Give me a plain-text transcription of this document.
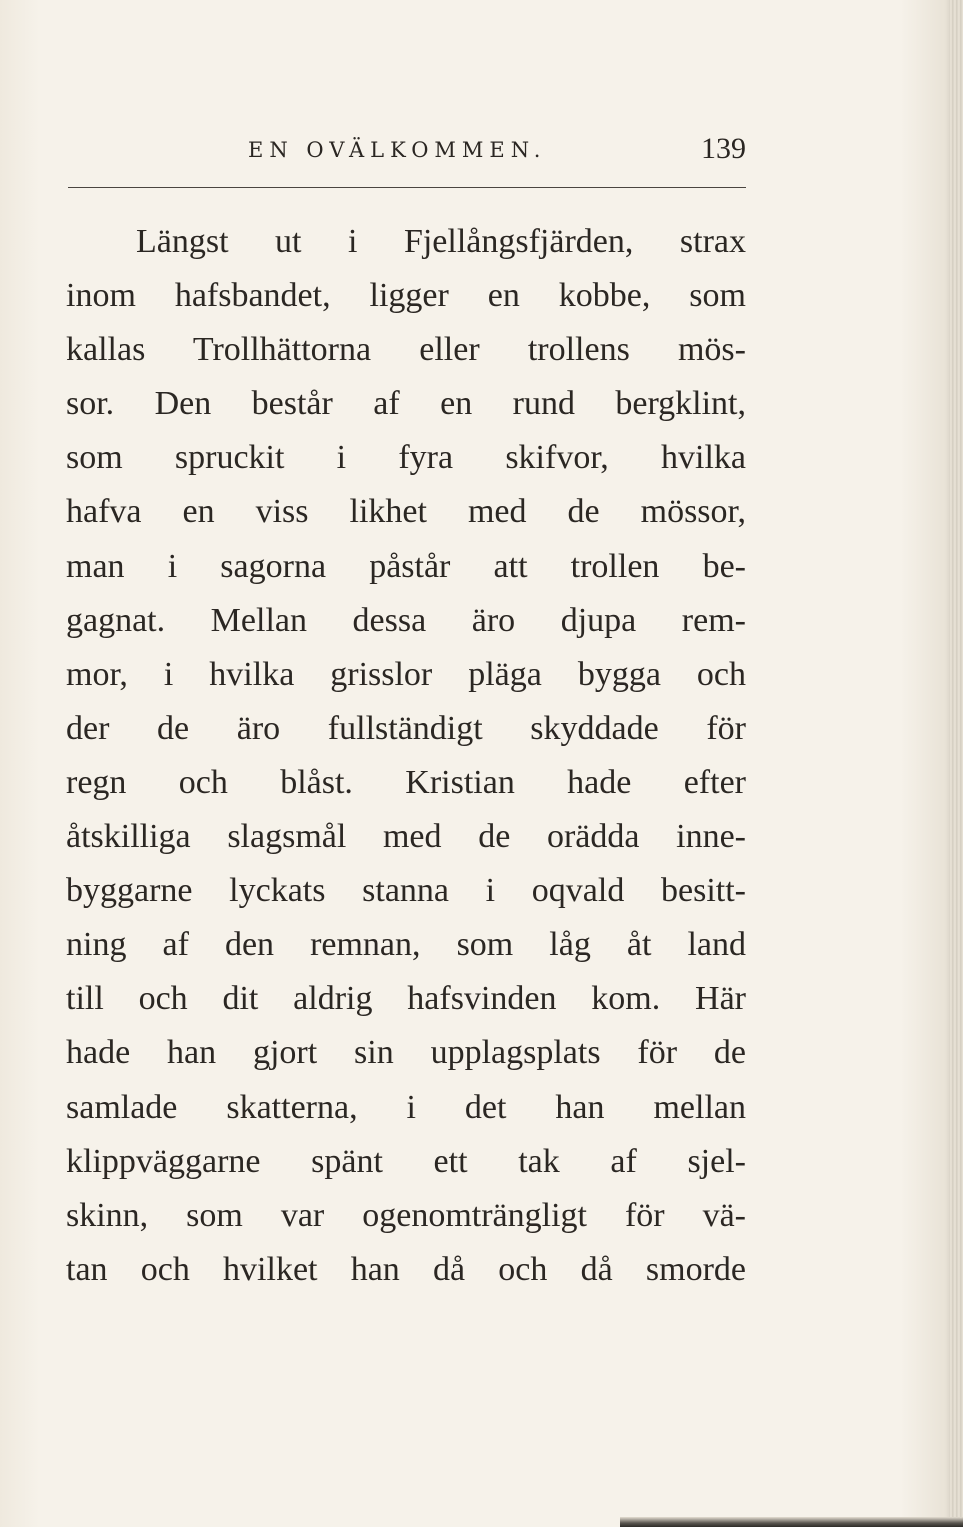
EN OVÄLKOMMEN.	139
Längst ut i Fjellångsfjärden, strax
inom hafsbandet, ligger en kobbe, som
kallas Trollhättorna eller trollens mös-
sor. Den består af en rund bergklint,
som spruckit i fyra skifvor, hvilka
hafva en viss likhet med de mössor,
man i sagorna påstår att trollen be-
gagnat. Mellan dessa äro djupa rem-
mor, i hvilka grisslor pläga bygga och
der de äro fullständigt skyddade för
regn och blåst. Kristian hade efter
åtskilliga slagsmål med de orädda inne-
byggarne lyckats stanna i oqvald besitt-
ning af den remnan, som låg åt land
till och dit aldrig hafsvinden kom. Här
hade han gjort sin upplagsplats för de
samlade skatterna, i det han mellan
klippväggarne spänt ett tak af sjel-
skinn, som var ogenomträngligt för vä-
tan och hvilket han då och då smorde
